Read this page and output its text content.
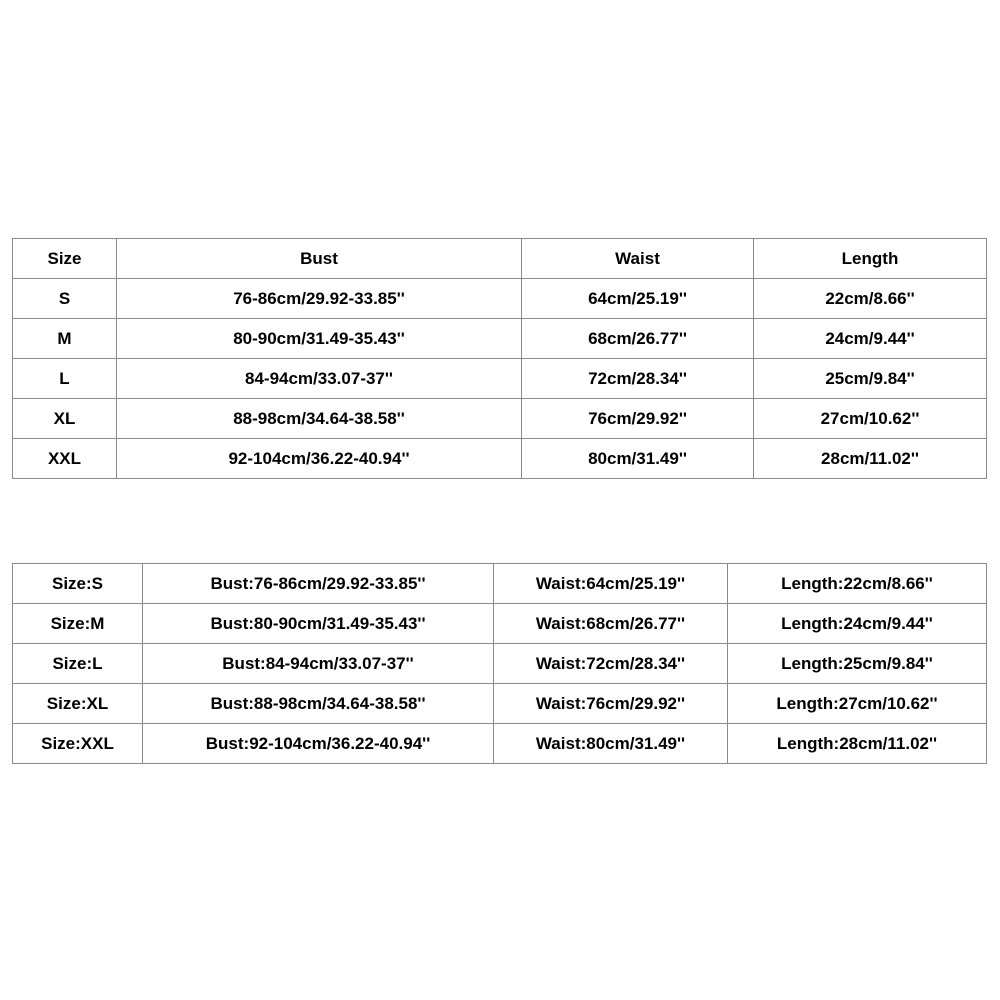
Size	Bust	Waist	Length
S	76-86cm/29.92-33.85''	64cm/25.19''	22cm/8.66''
M	80-90cm/31.49-35.43''	68cm/26.77''	24cm/9.44''
L	84-94cm/33.07-37''	72cm/28.34''	25cm/9.84''
XL	88-98cm/34.64-38.58''	76cm/29.92''	27cm/10.62''
XXL	92-104cm/36.22-40.94''	80cm/31.49''	28cm/11.02''
Size:S	Bust:76-86cm/29.92-33.85''	Waist:64cm/25.19''	Length:22cm/8.66''
Size:M	Bust:80-90cm/31.49-35.43''	Waist:68cm/26.77''	Length:24cm/9.44''
Size:L	Bust:84-94cm/33.07-37''	Waist:72cm/28.34''	Length:25cm/9.84''
Size:XL	Bust:88-98cm/34.64-38.58''	Waist:76cm/29.92''	Length:27cm/10.62''
Size:XXL	Bust:92-104cm/36.22-40.94''	Waist:80cm/31.49''	Length:28cm/11.02''
